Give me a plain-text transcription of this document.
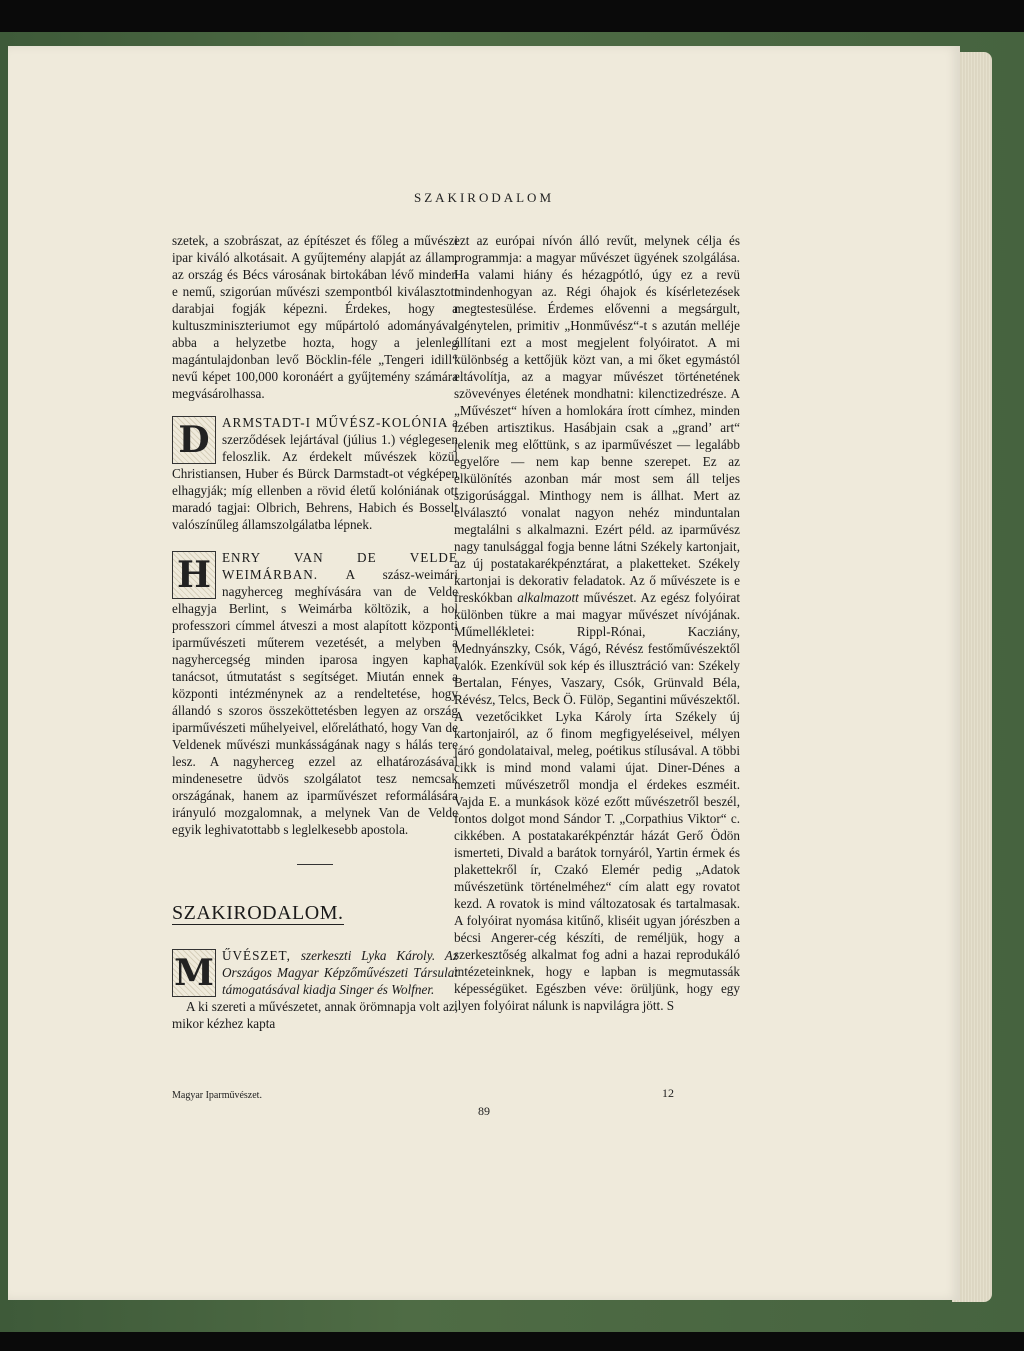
SZAKIRODALOM

szetek, a szobrászat, az építészet és főleg a művészi ipar kiváló alkotásait. A gyűjtemény alapját az állam, az ország és Bécs városának birtokában lévő minden e nemű, szigorúan művészi szempontból kiválasztott darabjai fogják képezni. Érdekes, hogy a kultuszminiszteriumot egy műpártoló adományával abba a helyzetbe hozta, hogy a jelenleg magántulajdonban levő Böcklin-féle „Tengeri idill“ nevű képet 100,000 koronáért a gyűjtemény számára megvásárolhassa.

D ARMSTADT-I MŰVÉSZ-KOLÓNIA a szerződések lejártával (július 1.) véglegesen feloszlik. Az érdekelt művészek közül Christiansen, Huber és Bürck Darmstadt-ot végképen elhagyják; míg ellenben a rövid életű kolóniának ott maradó tagjai: Olbrich, Behrens, Habich és Bosselt valószínűleg államszolgálatba lépnek.

H ENRY VAN DE VELDE WEIMÁRBAN. A szász-weimári nagyherceg meghívására van de Velde elhagyja Berlint, s Weimárba költözik, a hol professzori címmel átveszi a most alapított központi iparművészeti műterem vezetését, a melyben a nagyhercegség minden iparosa ingyen kaphat tanácsot, útmutatást s segítséget. Miután ennek a központi intézménynek az a rendeltetése, hogy állandó s szoros összeköttetésben legyen az ország iparművészeti műhelyeivel, előrelátható, hogy Van de Veldenek művészi munkásságának nagy s hálás tere lesz. A nagyherceg ezzel az elhatározásával mindenesetre üdvös szolgálatot tesz nemcsak országának, hanem az iparművészet reformálására irányuló mozgalomnak, a melynek Van de Velde egyik leghivatottabb s leglelkesebb apostola.

SZAKIRODALOM.
M ŰVÉSZET, szerkeszti Lyka Károly. Az Országos Magyar Képzőművészeti Társulat támogatásával kiadja Singer és Wolfner.

A ki szereti a művészetet, annak örömnapja volt az, mikor kézhez kapta

ezt az európai nívón álló revűt, melynek célja és programmja: a magyar művészet ügyének szolgálása. Ha valami hiány és hézagpótló, úgy ez a revü mindenhogyan az. Régi óhajok és kísérletezések megtestesülése. Érdemes elővenni a megsárgult, igénytelen, primitiv „Honművész“-t s azután melléje állítani ezt a most megjelent folyóiratot. A mi különbség a kettőjük közt van, a mi őket egymástól eltávolítja, az a magyar művészet történetének szövevényes életének mondhatni: kilenctizedrésze. A „Művészet“ híven a homlokára írott címhez, minden ízében artisztikus. Hasábjain csak a „grand’ art“ jelenik meg előttünk, s az iparművészet — legalább egyelőre — nem kap benne szerepet. Ez az elkülönítés azonban már most sem áll teljes szigorúsággal. Minthogy nem is állhat. Mert az elválasztó vonalat nagyon nehéz minduntalan megtalálni s alkalmazni. Ezért péld. az iparművész nagy tanulsággal fogja benne látni Székely kartonjait, az új postatakarékpénztárat, a plaketteket. Székely kartonjai is dekorativ feladatok. Az ő művészete is e freskókban alkalmazott művészet. Az egész folyóirat különben tükre a mai magyar művészet nívójának. Műmellékletei: Rippl-Rónai, Kacziány, Mednyánszky, Csók, Vágó, Révész festőművészektől valók. Ezenkívül sok kép és illusztráció van: Székely Bertalan, Fényes, Vaszary, Csók, Grünvald Béla, Révész, Telcs, Beck Ö. Fülöp, Segantini művészektől. A vezetőcikket Lyka Károly írta Székely új kartonjairól, az ő finom megfigyeléseivel, mélyen járó gondolataival, meleg, poétikus stílusával. A többi cikk is mind mond valami újat. Diner-Dénes a nemzeti művészetről mondja el érdekes eszméit. Vajda E. a munkások közé ezőtt művészetről beszél, fontos dolgot mond Sándor T. „Corpathius Viktor“ c. cikkében. A postatakarékpénztár házát Gerő Ödön ismerteti, Divald a barátok tornyáról, Yartin érmek és plakettekről ír, Czakó Elemér pedig „Adatok művészetünk történelméhez“ cím alatt egy rovatot kezd. A rovatok is mind változatosak és tartalmasak. A folyóirat nyomása kitűnő, kliséit ugyan jórészben a bécsi Angerer-cég készíti, de reméljük, hogy a szerkesztőség alkalmat fog adni a hazai reprodukáló intézeteinknek, hogy e lapban is megmutassák képességüket. Egészben véve: örüljünk, hogy egy ilyen folyóirat nálunk is napvilágra jött. S

Magyar Iparművészet.	12
89
